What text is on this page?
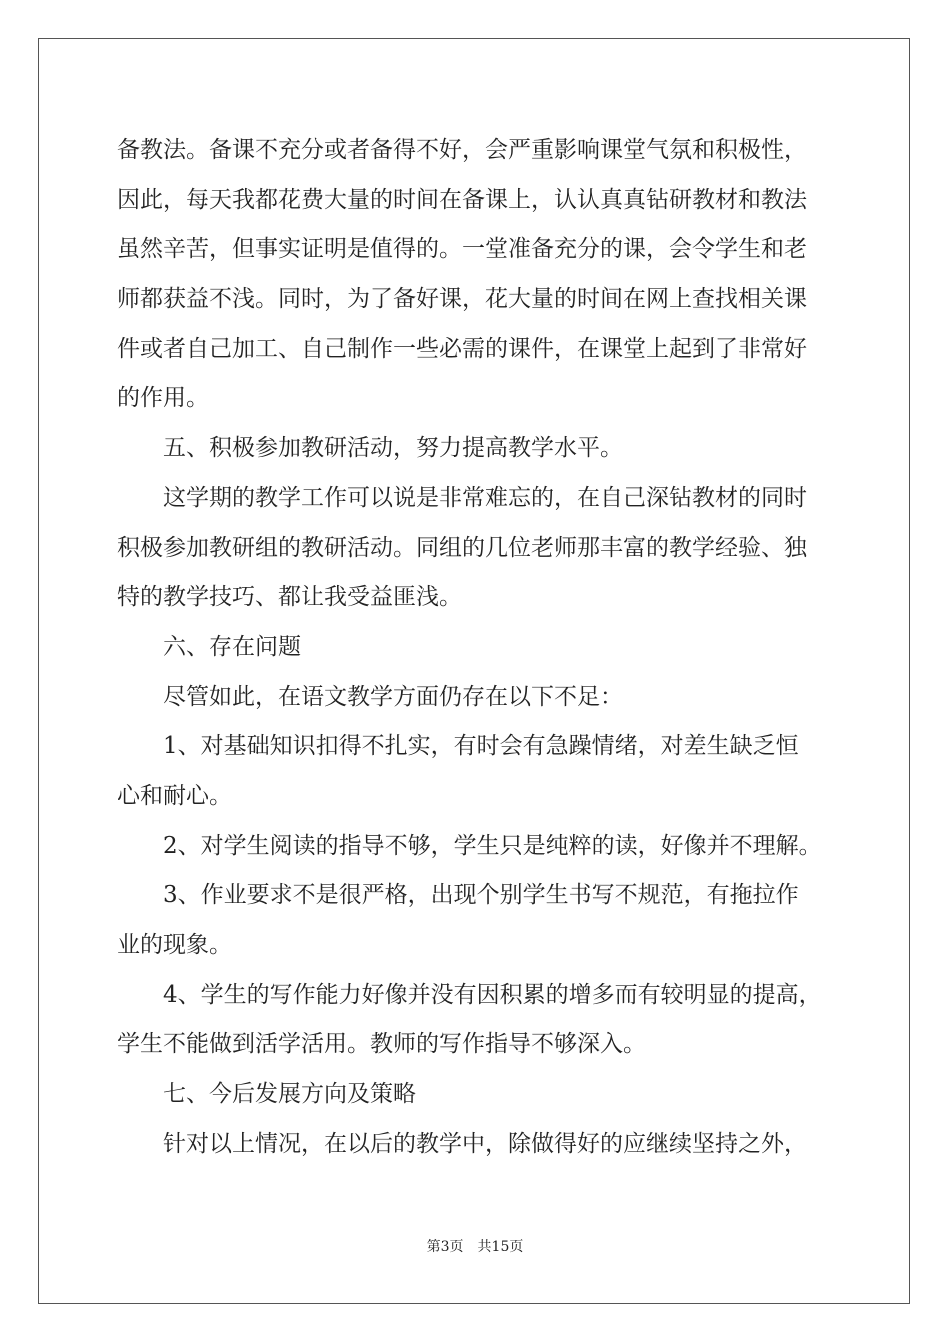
备教法。备课不充分或者备得不好，会严重影响课堂气氛和积极性，
因此，每天我都花费大量的时间在备课上，认认真真钻研教材和教法
虽然辛苦，但事实证明是值得的。一堂准备充分的课，会令学生和老
师都获益不浅。同时，为了备好课，花大量的时间在网上查找相关课
件或者自己加工、自己制作一些必需的课件，在课堂上起到了非常好
的作用。
五、积极参加教研活动，努力提高教学水平。
这学期的教学工作可以说是非常难忘的，在自己深钻教材的同时
积极参加教研组的教研活动。同组的几位老师那丰富的教学经验、独
特的教学技巧、都让我受益匪浅。
六、存在问题
尽管如此，在语文教学方面仍存在以下不足：
1、对基础知识扣得不扎实，有时会有急躁情绪，对差生缺乏恒
心和耐心。
2、对学生阅读的指导不够，学生只是纯粹的读，好像并不理解。
3、作业要求不是很严格，出现个别学生书写不规范，有拖拉作
业的现象。
4、学生的写作能力好像并没有因积累的增多而有较明显的提高，
学生不能做到活学活用。教师的写作指导不够深入。
七、今后发展方向及策略
针对以上情况，在以后的教学中，除做得好的应继续坚持之外，
第3页 共15页
